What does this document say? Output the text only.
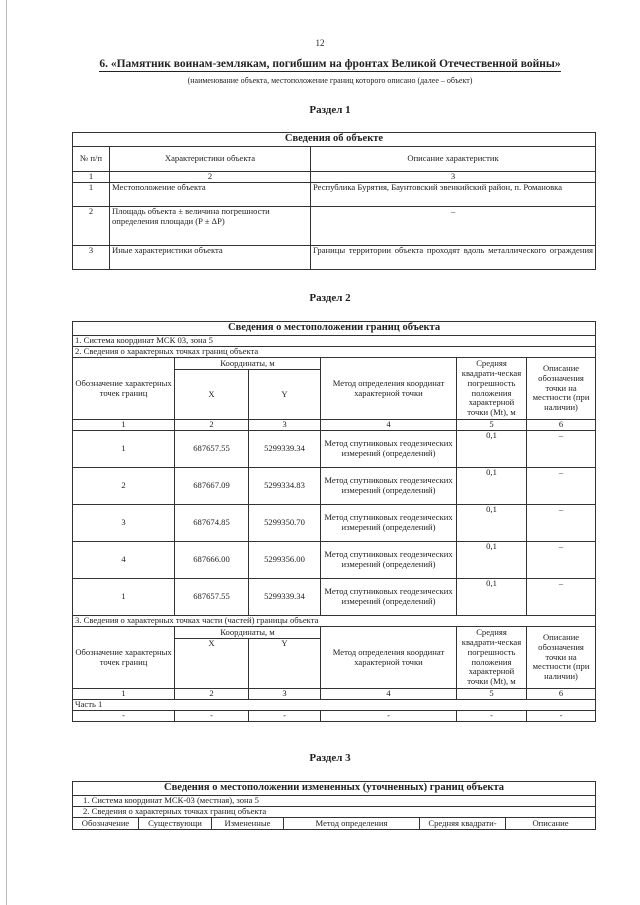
12
6. «Памятник воинам-землякам, погибшим на фронтах Великой Отечественной войны»
(наименование объекта, местоположение границ которого описано (далее – объект)
Раздел 1
Сведения об объекте		
№ п/п	Характеристики объекта	Описание характеристик
1	2	3
1	Местоположение объекта	Республика Бурятия, Баунтовский эвенкийский район, п. Романовка
2	Площадь объекта ± величина погрешности определения площади (P ± ΔP)	–
3	Иные характеристики объекта	Границы территории объекта проходят вдоль металлического ограждения
Раздел 2
Сведения о местоположении границ объекта					
1. Система координат МСК 03, зона 5					
2. Сведения о характерных точках границ объекта					
Обозначение характерных точек границ	Координаты, м		Метод определения координат характерной точки	Средняя квадрати-ческая погрешность положения характерной точки (Mt), м	Описание обозначения точки на местности (при наличии)
	X	Y			
1	2	3	4	5	6
1	687657.55	5299339.34	Метод спутниковых геодезических измерений (определений)	0,1	–
2	687667.09	5299334.83	Метод спутниковых геодезических измерений (определений)	0,1	–
3	687674.85	5299350.70	Метод спутниковых геодезических измерений (определений)	0,1	–
4	687666.00	5299356.00	Метод спутниковых геодезических измерений (определений)	0,1	–
1	687657.55	5299339.34	Метод спутниковых геодезических измерений (определений)	0,1	–
3. Сведения о характерных точках части (частей) границы объекта					
Обозначение характерных точек границ	Координаты, м		Метод определения координат характерной точки	Средняя квадрати-ческая погрешность положения характерной точки (Mt), м	Описание обозначения точки на местности (при наличии)
	X	Y			
1	2	3	4	5	6
Часть 1					
-	-	-	-	-	-
Раздел 3
Сведения о местоположении измененных (уточненных) границ объекта
1. Система координат МСК-03 (местная), зона 5
2. Сведения о характерных точках границ объекта
Обозначение	Существующи	Измененные	Метод определения	Средняя квадрати-	Описание
